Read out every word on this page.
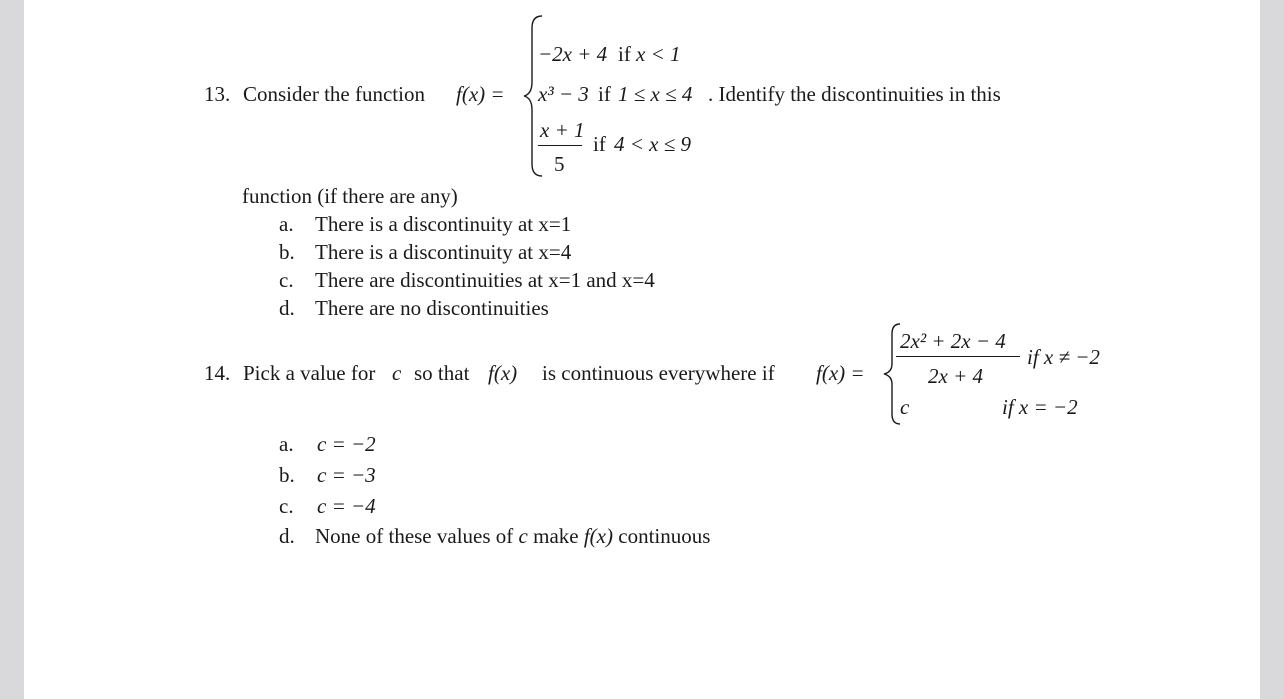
13. Consider the function f(x) =
−2x + 4 if x < 1
x³ − 3 if 1 ≤ x ≤ 4
x + 1
5
if 4 < x ≤ 9
. Identify the discontinuities in this
function (if there are any)
a. There is a discontinuity at x=1
b. There is a discontinuity at x=4
c. There are discontinuities at x=1 and x=4
d. There are no discontinuities
14. Pick a value for c so that f(x) is continuous everywhere if f(x) =
2x² + 2x − 4
2x + 4
if x ≠ −2
c	if x = −2
a. c = −2
b. c = −3
c. c = −4
d. None of these values of c make f(x) continuous
